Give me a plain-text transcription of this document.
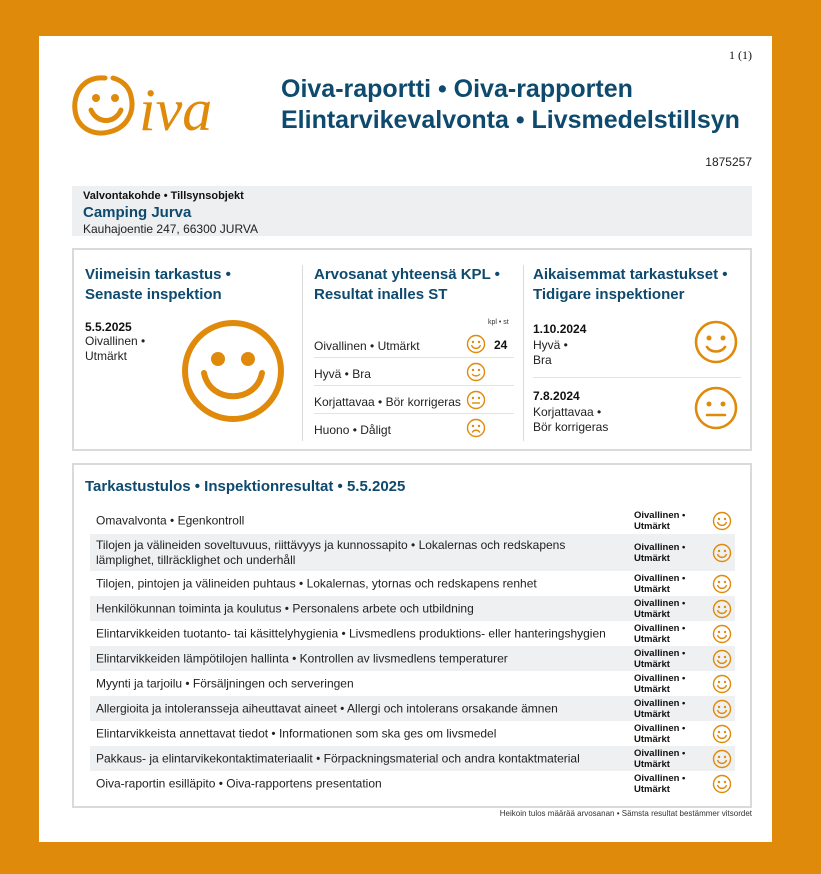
1 (1)
iva	Oiva-raportti • Oiva-rapporten
Elintarvikevalvonta • Livsmedelstillsyn
1875257
Valvontakohde • Tillsynsobjekt
Camping Jurva
Kauhajoentie 247, 66300 JURVA
Viimeisin tarkastus •
Senaste inspektion
5.5.2025
Oivallinen •
Utmärkt
Arvosanat yhteensä KPL •
Resultat inalles ST
kpl • st
Oivallinen • Utmärkt	24
Hyvä • Bra
Korjattavaa • Bör korrigeras
Huono • Dåligt
Aikaisemmat tarkastukset •
Tidigare inspektioner
1.10.2024
Hyvä •
Bra
7.8.2024
Korjattavaa •
Bör korrigeras
Tarkastustulos • Inspektionresultat • 5.5.2025
Omavalvonta • Egenkontroll	Oivallinen •
Utmärkt
Tilojen ja välineiden soveltuvuus, riittävyys ja kunnossapito • Lokalernas och redskapens lämplighet, tillräcklighet och underhåll
Oivallinen •
Utmärkt
Tilojen, pintojen ja välineiden puhtaus • Lokalernas, ytornas och redskapens renhet	Oivallinen •
Utmärkt
Henkilökunnan toiminta ja koulutus • Personalens arbete och utbildning	Oivallinen •
Utmärkt
Elintarvikkeiden tuotanto- tai käsittelyhygienia • Livsmedlens produktions- eller hanteringshygien	Oivallinen •
Utmärkt
Elintarvikkeiden lämpötilojen hallinta • Kontrollen av livsmedlens temperaturer	Oivallinen •
Utmärkt
Myynti ja tarjoilu • Försäljningen och serveringen	Oivallinen •
Utmärkt
Allergioita ja intoleransseja aiheuttavat aineet • Allergi och intolerans orsakande ämnen	Oivallinen •
Utmärkt
Elintarvikkeista annettavat tiedot • Informationen som ska ges om livsmedel	Oivallinen •
Utmärkt
Pakkaus- ja elintarvikekontaktimateriaalit • Förpackningsmaterial och andra kontaktmaterial	Oivallinen •
Utmärkt
Oiva-raportin esilläpito • Oiva-rapportens presentation	Oivallinen •
Utmärkt
Heikoin tulos määrää arvosanan • Sämsta resultat bestämmer vitsordet
